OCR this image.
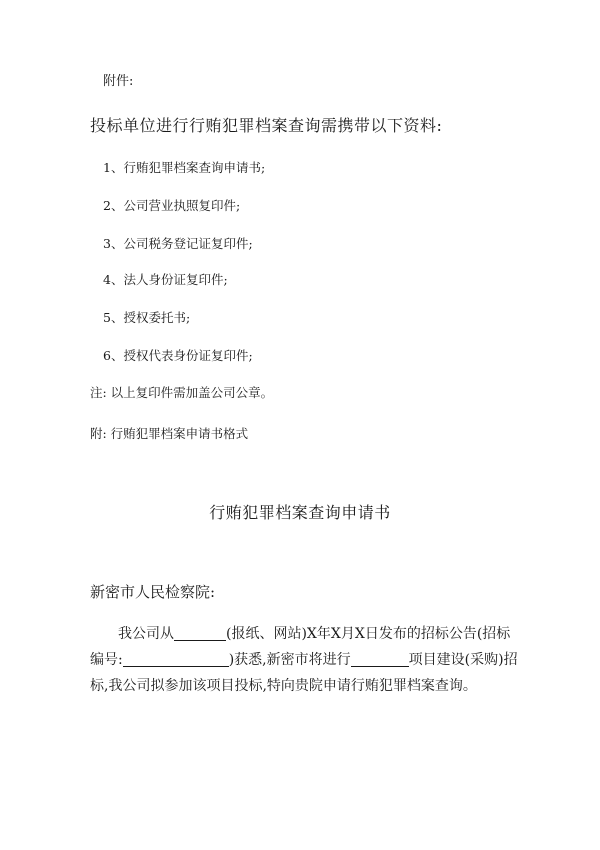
附件:
投标单位进行行贿犯罪档案查询需携带以下资料:
1、行贿犯罪档案查询申请书;
2、公司营业执照复印件;
3、公司税务登记证复印件;
4、法人身份证复印件;
5、授权委托书;
6、授权代表身份证复印件;
注: 以上复印件需加盖公司公章。
附: 行贿犯罪档案申请书格式
行贿犯罪档案查询申请书
新密市人民检察院:
我公司从	(报纸、网站)X年X月X日发布的招标公告(招标编号:	)获悉,新密市将进行	项目建设(采购)招标,我公司拟参加该项目投标,特向贵院申请行贿犯罪档案查询。
